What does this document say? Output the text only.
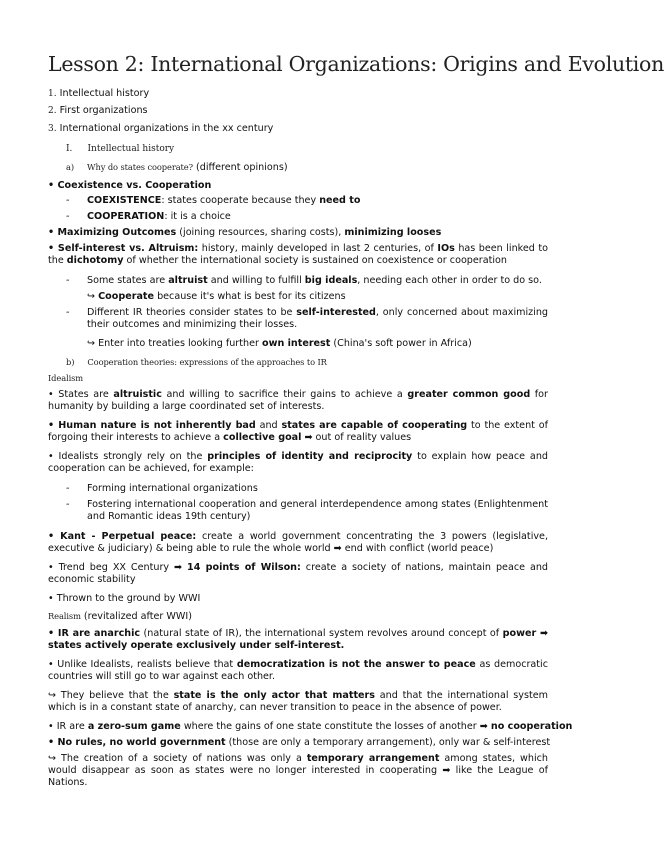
Lesson 2: International Organizations: Origins and Evolution
1. Intellectual history
2. First organizations
3. International organizations in the xx century
I. Intellectual history
a) Why do states cooperate? (different opinions)
• Coexistence vs. Cooperation
- COEXISTENCE: states cooperate because they need to
- COOPERATION: it is a choice
• Maximizing Outcomes (joining resources, sharing costs), minimizing looses
• Self-interest vs. Altruism: history, mainly developed in last 2 centuries, of IOs has been linked to the dichotomy of whether the international society is sustained on coexistence or cooperation
- Some states are altruist and willing to fulfill big ideals, needing each other in order to do so.
↪ Cooperate because it's what is best for its citizens
- Different IR theories consider states to be self-interested, only concerned about maximizing their outcomes and minimizing their losses.
↪ Enter into treaties looking further own interest (China's soft power in Africa)
b) Cooperation theories: expressions of the approaches to IR
Idealism
• States are altruistic and willing to sacrifice their gains to achieve a greater common good for humanity by building a large coordinated set of interests.
• Human nature is not inherently bad and states are capable of cooperating to the extent of forgoing their interests to achieve a collective goal ➡ out of reality values
• Idealists strongly rely on the principles of identity and reciprocity to explain how peace and cooperation can be achieved, for example:
- Forming international organizations
- Fostering international cooperation and general interdependence among states (Enlightenment and Romantic ideas 19th century)
• Kant - Perpetual peace: create a world government concentrating the 3 powers (legislative, executive & judiciary) & being able to rule the whole world ➡ end with conflict (world peace)
• Trend beg XX Century ➡ 14 points of Wilson: create a society of nations, maintain peace and economic stability
• Thrown to the ground by WWI
Realism (revitalized after WWI)
• IR are anarchic (natural state of IR), the international system revolves around concept of power ➡ states actively operate exclusively under self-interest.
• Unlike Idealists, realists believe that democratization is not the answer to peace as democratic countries will still go to war against each other.
↪ They believe that the state is the only actor that matters and that the international system which is in a constant state of anarchy, can never transition to peace in the absence of power.
• IR are a zero-sum game where the gains of one state constitute the losses of another ➡ no cooperation
• No rules, no world government (those are only a temporary arrangement), only war & self-interest
↪ The creation of a society of nations was only a temporary arrangement among states, which would disappear as soon as states were no longer interested in cooperating ➡ like the League of Nations.
